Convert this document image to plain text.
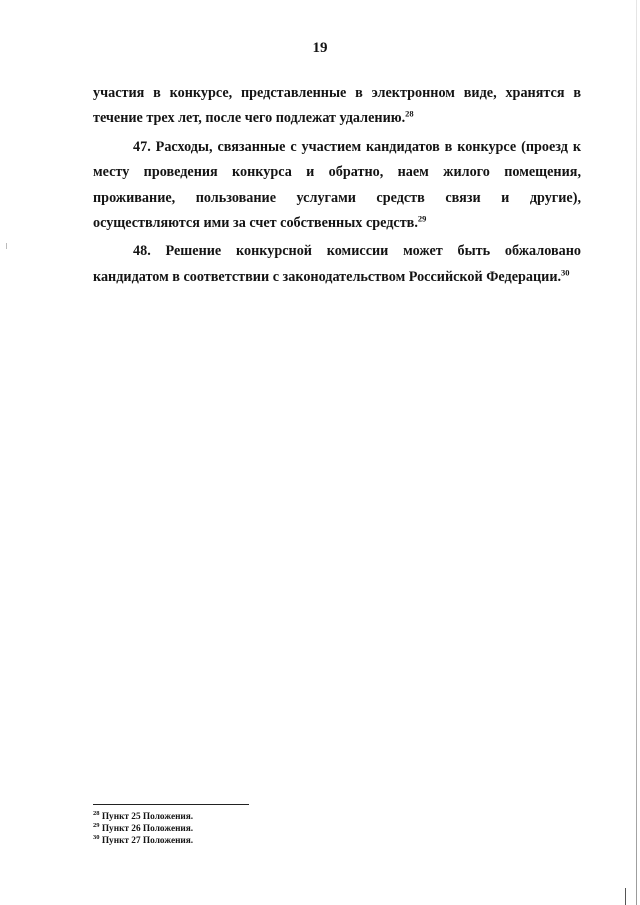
19

участия в конкурсе, представленные в электронном виде, хранятся в течение трех лет, после чего подлежат удалению.$^{28}$

47. Расходы, связанные с участием кандидатов в конкурсе (проезд к месту проведения конкурса и обратно, наем жилого помещения, проживание, пользование услугами средств связи и другие), осуществляются ими за счет собственных средств.$^{29}$

48. Решение конкурсной комиссии может быть обжаловано кандидатом в соответствии с законодательством Российской Федерации.$^{30}$

$^{28}$ Пункт 25 Положения.
$^{29}$ Пункт 26 Положения.
$^{30}$ Пункт 27 Положения.
